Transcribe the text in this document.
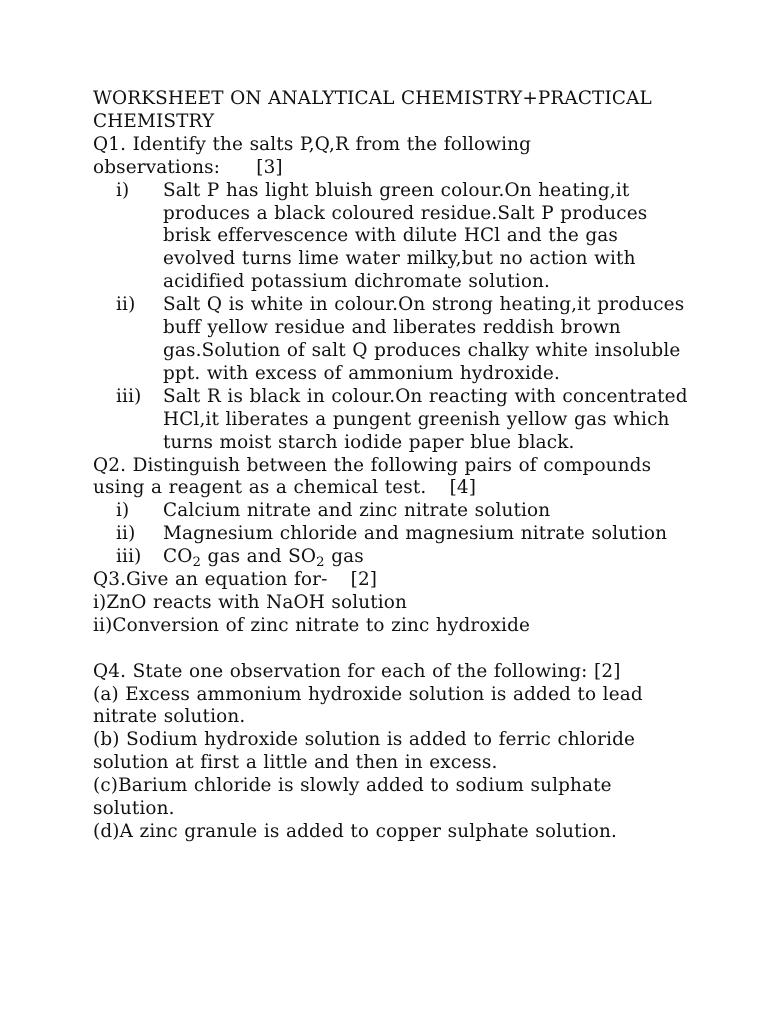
WORKSHEET ON ANALYTICAL CHEMISTRY+PRACTICAL CHEMISTRY
Q1. Identify the salts P,Q,R from the following observations: [3]
i)	Salt P has light bluish green colour.On heating,it produces a black coloured residue.Salt P produces brisk effervescence with dilute HCl and the gas evolved turns lime water milky,but no action with acidified potassium dichromate solution.
ii)	Salt Q is white in colour.On strong heating,it produces buff yellow residue and liberates reddish brown gas.Solution of salt Q produces chalky white insoluble ppt. with excess of ammonium hydroxide.
iii)	Salt R is black in colour.On reacting with concentrated HCl,it liberates a pungent greenish yellow gas which turns moist starch iodide paper blue black.
Q2. Distinguish between the following pairs of compounds using a reagent as a chemical test. [4]
i)	Calcium nitrate and zinc nitrate solution
ii)	Magnesium chloride and magnesium nitrate solution
iii)	$CO_2$ gas and $SO_2$ gas
Q3.Give an equation for- [2]
i)ZnO reacts with NaOH solution
ii)Conversion of zinc nitrate to zinc hydroxide
Q4. State one observation for each of the following: [2]
(a) Excess ammonium hydroxide solution is added to lead nitrate solution.
(b) Sodium hydroxide solution is added to ferric chloride solution at first a little and then in excess.
(c)Barium chloride is slowly added to sodium sulphate solution.
(d)A zinc granule is added to copper sulphate solution.
